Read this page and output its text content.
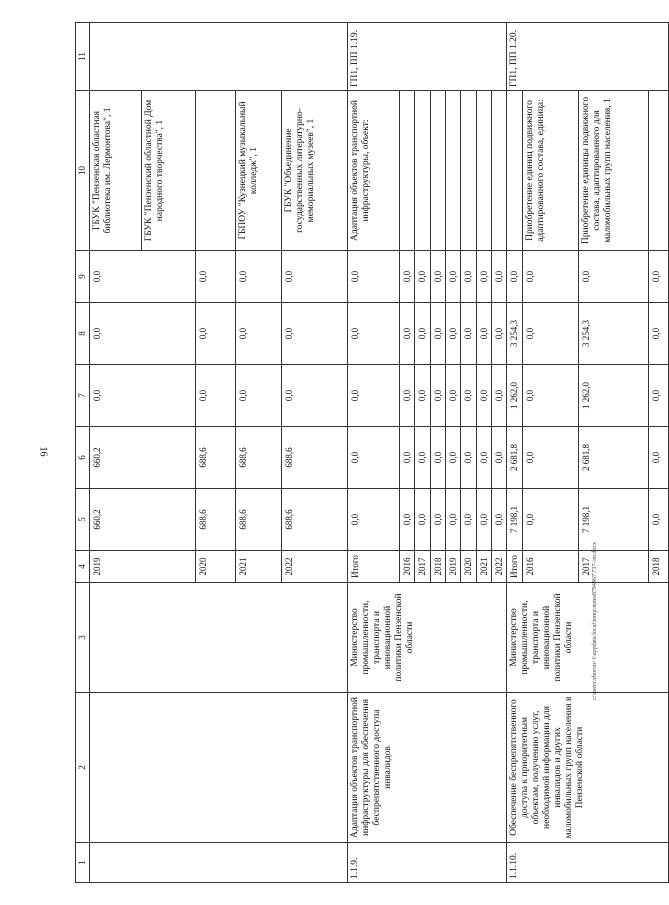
16
1	2	3	4	5	6	7	8	9	10	11
			2019	660,2	660,2	0,0	0,0	0,0	ГБУК "Пензенская областная библиотека им. Лермонтова", 1	
									ГБУК "Пензенский областной Дом народного творчества", 1	
			2020	688,6	688,6	0,0	0,0	0,0		
			2021	688,6	688,6	0,0	0,0	0,0	ГБПОУ "Кузнецкий музыкальный колледж", 1	
			2022	688,6	688,6	0,0	0,0	0,0	ГБУК "Объединение государственных литературно-мемориальных музеев", 1	
1.1.9.	Адаптация объектов транспортной инфраструктуры для обеспечения беспрепятственного доступа инвалидов	Министерство промышленности, транспорта и инновационной политики Пензенской области	Итого	0,0	0,0	0,0	0,0	0,0	Адаптация объектов транспортной инфраструктуры, объект:	ГП1, ПП 1.19.
			2016	0,0	0,0	0,0	0,0	0,0		
			2017	0,0	0,0	0,0	0,0	0,0		
			2018	0,0	0,0	0,0	0,0	0,0		
			2019	0,0	0,0	0,0	0,0	0,0		
			2020	0,0	0,0	0,0	0,0	0,0		
			2021	0,0	0,0	0,0	0,0	0,0		
			2022	0,0	0,0	0,0	0,0	0,0		
1.1.10.	Обеспечение беспрепятственного доступа к приоритетным объектам, получению услуг, необходимой информации для инвалидов и других маломобильных групп населения в Пензенской области	Министерство промышленности, транспорта и инновационной политики Пензенской области	Итого	7 198,1	2 681,8	1 262,0	3 254,3	0,0		ГП1, ПП 1.20.
			2016	0,0	0,0	0,0	0,0	0,0	Приобретение единиц подвижного адаптированного состава, единица:	
			2017	7 198,1	2 681,8	1 262,0	3 254,3	0,0	Приобретение единицы подвижного состава, адаптированного для маломобильных групп населения, 1	
			2018	0,0	0,0	0,0	0,0	0,0		
c:\users\vboron~1\appdata\local\temp\notes8794467\737-\m.docx
